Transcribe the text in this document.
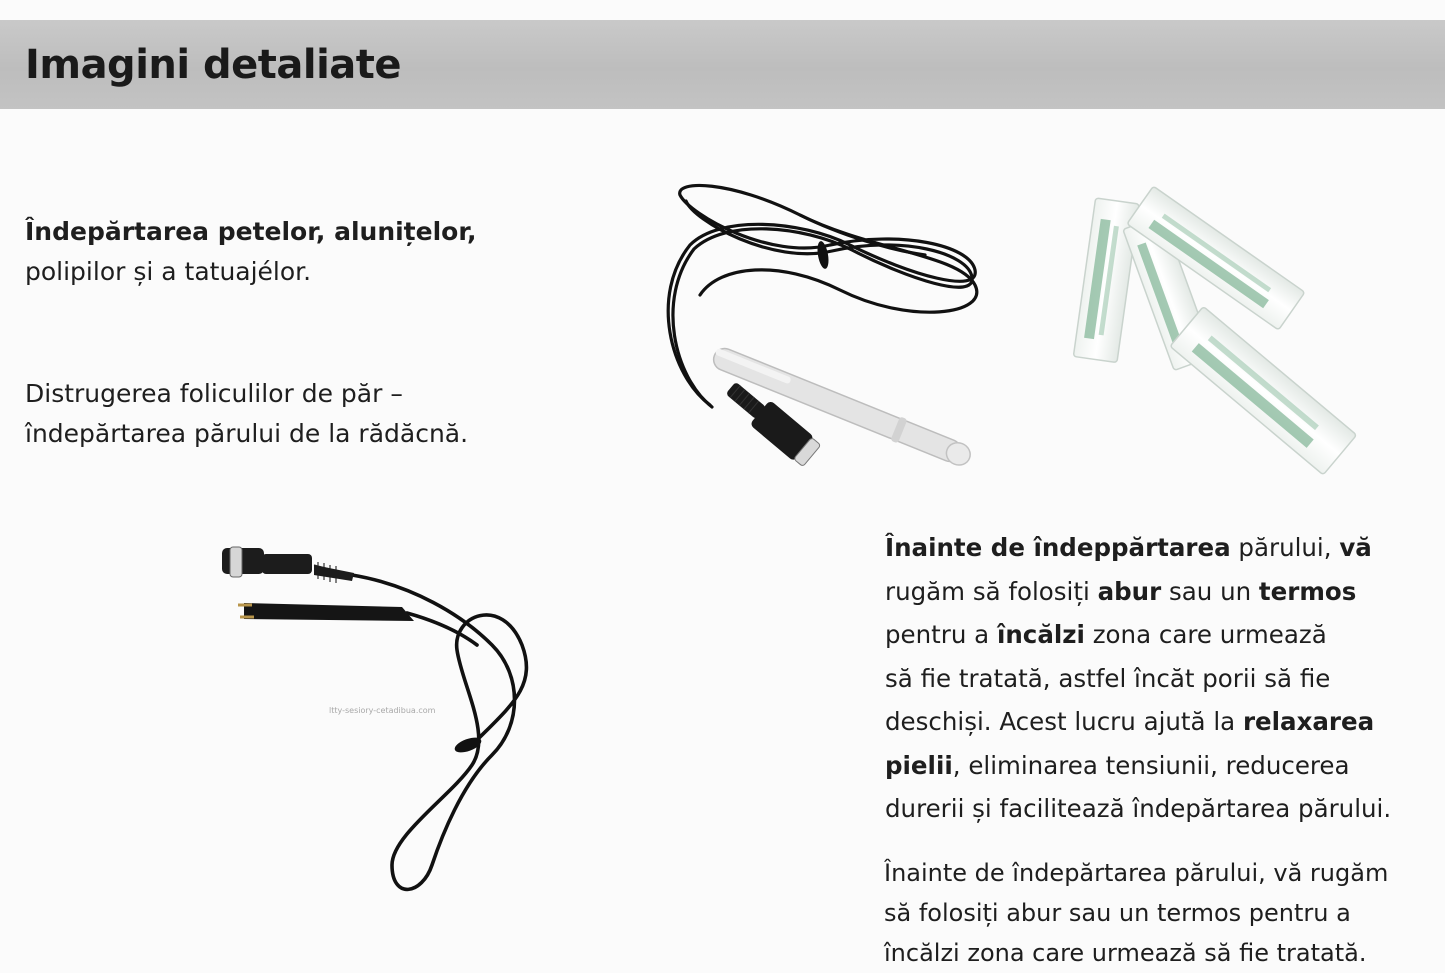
Imagini detaliate

Îndepărtarea petelor, alunițelor,
polipilor și a tatuajélor.

Distrugerea foliculilor de păr –
îndepărtarea părului de la rădăcnă.

ltty-sesiory-cetadibua.com
Înainte de îndeppărtarea părului, vă
rugăm să folosiți abur sau un termos
pentru a încălzi zona care urmează
să fie tratată, astfel încăt porii să fie
deschiși. Acest lucru ajută la relaxarea
pielii, eliminarea tensiunii, reducerea
durerii și facilitează îndepărtarea părului.
Înainte de îndepărtarea părului, vă rugăm
să folosiți abur sau un termos pentru a
încălzi zona care urmează să fie tratată.
